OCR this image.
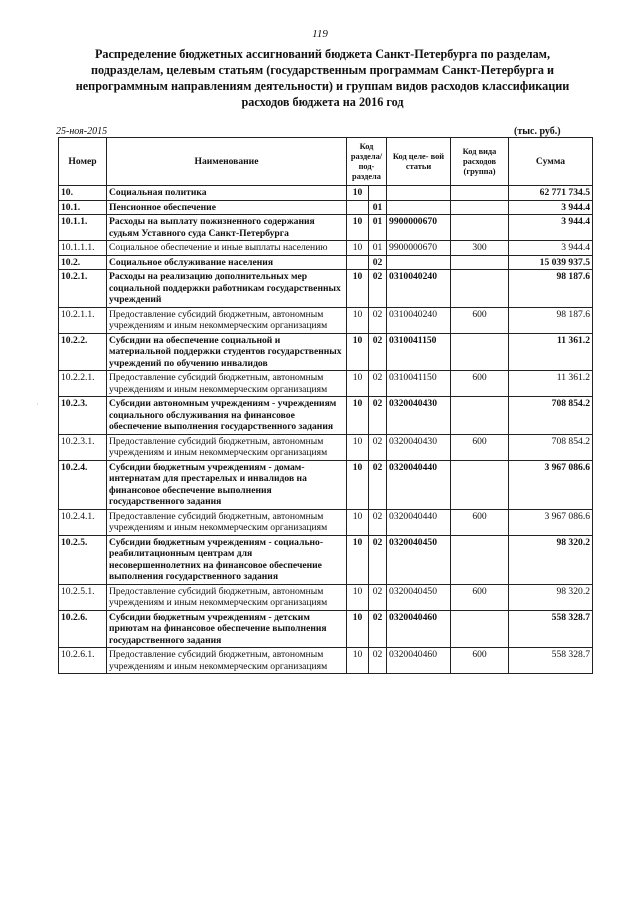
119
Распределение бюджетных ассигнований бюджета Санкт-Петербурга по разделам, подразделам, целевым статьям (государственным программам Санкт-Петербурга и непрограммным направлениям деятельности) и группам видов расходов классификации расходов бюджета на 2016 год
25-ноя-2015	(тыс. руб.)
Номер	Наименование	Код раздела/ под- раздела		Код целе- вой статьи	Код вида расходов (группа)	Сумма
10.	Социальная политика	10				62 771 734.5
10.1.	Пенсионное обеспечение		01			3 944.4
10.1.1.	Расходы на выплату пожизненного содержания судьям Уставного суда Санкт-Петербурга	10	01	9900000670		3 944.4
10.1.1.1.	Социальное обеспечение и иные выплаты населению	10	01	9900000670	300	3 944.4
10.2.	Социальное обслуживание населения		02			15 039 937.5
10.2.1.	Расходы на реализацию дополнительных мер социальной поддержки работникам государственных учреждений	10	02	0310040240		98 187.6
10.2.1.1.	Предоставление субсидий бюджетным, автономным учреждениям и иным некоммерческим организациям	10	02	0310040240	600	98 187.6
10.2.2.	Субсидии на обеспечение социальной и материальной поддержки студентов государственных учреждений по обучению инвалидов	10	02	0310041150		11 361.2
10.2.2.1.	Предоставление субсидий бюджетным, автономным учреждениям и иным некоммерческим организациям	10	02	0310041150	600	11 361.2
10.2.3.	Субсидии автономным учреждениям - учреждениям социального обслуживания на финансовое обеспечение выполнения государственного задания	10	02	0320040430		708 854.2
10.2.3.1.	Предоставление субсидий бюджетным, автономным учреждениям и иным некоммерческим организациям	10	02	0320040430	600	708 854.2
10.2.4.	Субсидии бюджетным учреждениям - домам-интернатам для престарелых и инвалидов на финансовое обеспечение выполнения государственного задания	10	02	0320040440		3 967 086.6
10.2.4.1.	Предоставление субсидий бюджетным, автономным учреждениям и иным некоммерческим организациям	10	02	0320040440	600	3 967 086.6
10.2.5.	Субсидии бюджетным учреждениям - социально-реабилитационным центрам для несовершеннолетних на финансовое обеспечение выполнения государственного задания	10	02	0320040450		98 320.2
10.2.5.1.	Предоставление субсидий бюджетным, автономным учреждениям и иным некоммерческим организациям	10	02	0320040450	600	98 320.2
10.2.6.	Субсидии бюджетным учреждениям - детским приютам на финансовое обеспечение выполнения государственного задания	10	02	0320040460		558 328.7
10.2.6.1.	Предоставление субсидий бюджетным, автономным учреждениям и иным некоммерческим организациям	10	02	0320040460	600	558 328.7
·
